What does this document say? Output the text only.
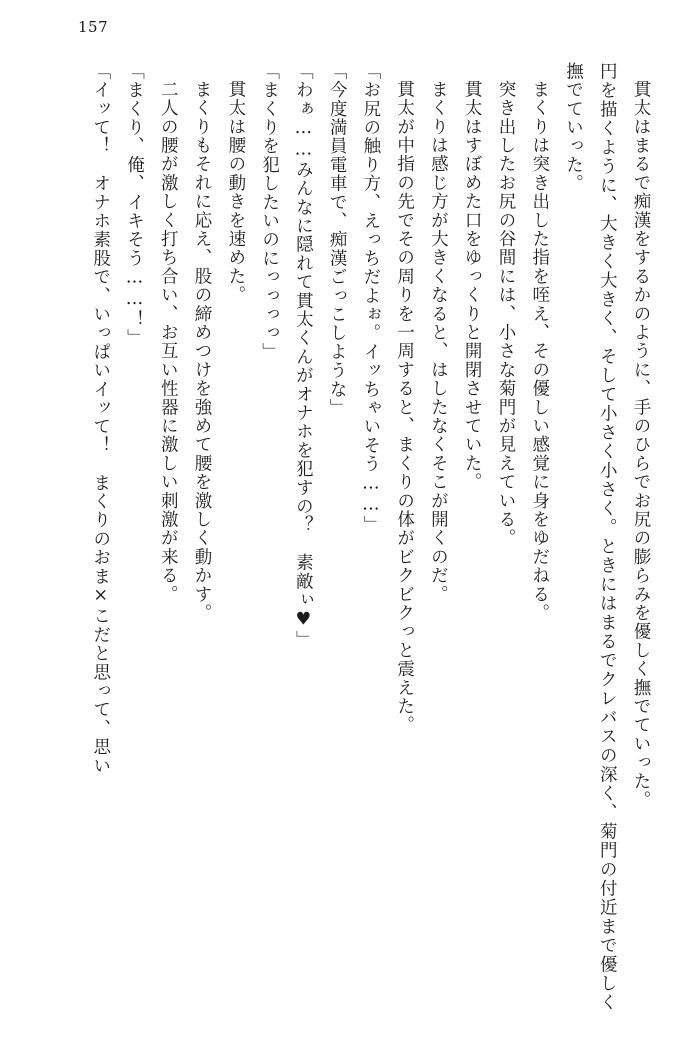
157

貫太はまるで痴漢をするかのように、手のひらでお尻の膨らみを優しく撫でていった。

円を描くように、大きく大きく、そして小さく小さく。ときにはまるでクレバスの深く、菊門の付近まで優しく撫でていった。

まくりは突き出した指を咥え、その優しい感覚に身をゆだねる。

突き出したお尻の谷間には、小さな菊門が見えている。

貫太はすぼめた口をゆっくりと開閉させていた。

まくりは感じ方が大きくなると、はしたなくそこが開くのだ。

貫太が中指の先でその周りを一周すると、まくりの体がビクビクっと震えた。

「お尻の触り方、えっちだよぉ。イッちゃいそう……」

「今度満員電車で、痴漢ごっこしような」

「わぁ……みんなに隠れて貫太くんがオナホを犯すの？　素敵ぃ♥」

「まくりを犯したいのにっっっっ」

貫太は腰の動きを速めた。

まくりもそれに応え、股の締めつけを強めて腰を激しく動かす。

二人の腰が激しく打ち合い、お互い性器に激しい刺激が来る。

「まくり、俺、イキそう……！」

「イッて！　オナホ素股で、いっぱいイッて！　まくりのおま×こだと思って、思い
